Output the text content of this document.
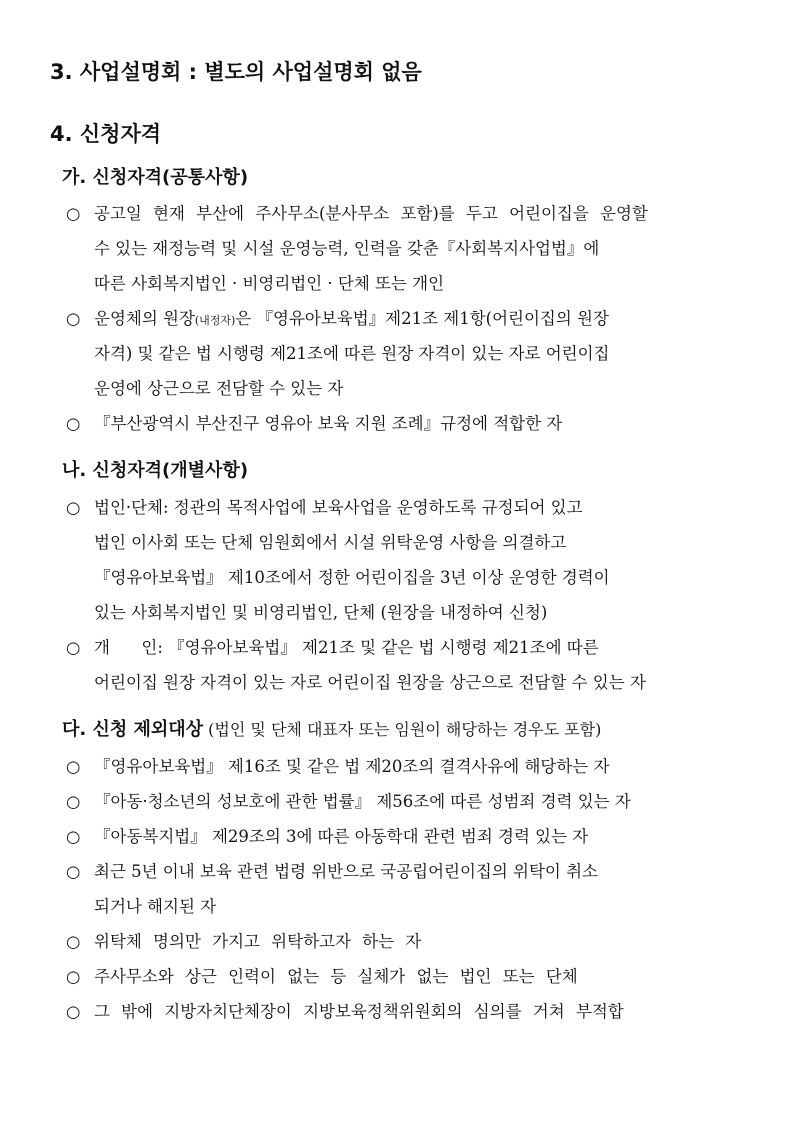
3. 사업설명회 : 별도의 사업설명회 없음
4. 신청자격
가. 신청자격(공통사항)
○ 공고일 현재 부산에 주사무소(분사무소 포함)를 두고 어린이집을 운영할
수 있는 재정능력 및 시설 운영능력, 인력을 갖춘『사회복지사업법』에
따른 사회복지법인 · 비영리법인 · 단체 또는 개인
○ 운영체의 원장(내정자)은 『영유아보육법』제21조 제1항(어린이집의 원장
자격) 및 같은 법 시행령 제21조에 따른 원장 자격이 있는 자로 어린이집
운영에 상근으로 전담할 수 있는 자
○ 『부산광역시 부산진구 영유아 보육 지원 조례』규정에 적합한 자
나. 신청자격(개별사항)
○ 법인·단체: 정관의 목적사업에 보육사업을 운영하도록 규정되어 있고
법인 이사회 또는 단체 임원회에서 시설 위탁운영 사항을 의결하고
『영유아보육법』 제10조에서 정한 어린이집을 3년 이상 운영한 경력이
있는 사회복지법인 및 비영리법인, 단체 (원장을 내정하여 신청)
○ 개      인: 『영유아보육법』 제21조 및 같은 법 시행령 제21조에 따른
어린이집 원장 자격이 있는 자로 어린이집 원장을 상근으로 전담할 수 있는 자
다. 신청 제외대상 (법인 및 단체 대표자 또는 임원이 해당하는 경우도 포함)
○ 『영유아보육법』 제16조 및 같은 법 제20조의 결격사유에 해당하는 자
○ 『아동·청소년의 성보호에 관한 법률』 제56조에 따른 성범죄 경력 있는 자
○ 『아동복지법』 제29조의 3에 따른 아동학대 관련 범죄 경력 있는 자
○ 최근 5년 이내 보육 관련 법령 위반으로 국공립어린이집의 위탁이 취소
되거나 해지된 자
○ 위탁체 명의만 가지고 위탁하고자 하는 자
○ 주사무소와 상근 인력이 없는 등 실체가 없는 법인 또는 단체
○ 그 밖에 지방자치단체장이 지방보육정책위원회의 심의를 거쳐 부적합
